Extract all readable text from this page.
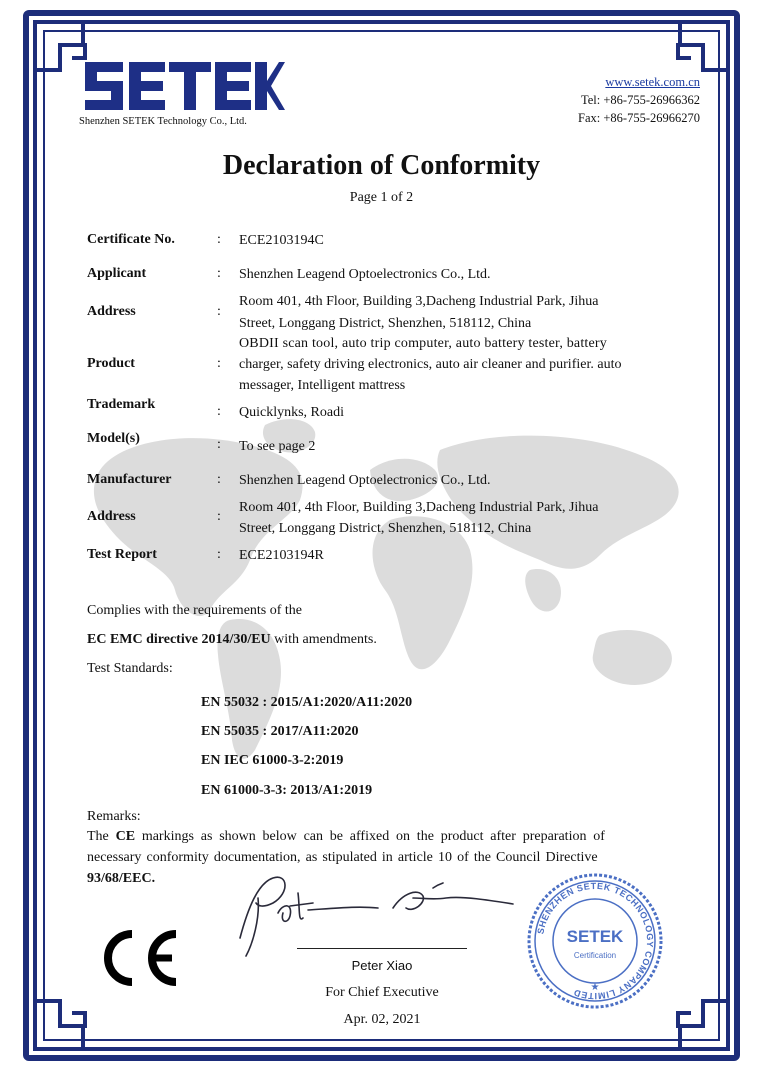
Shenzhen SETEK Technology Co., Ltd.
www.setek.com.cn
Tel: +86-755-26966362
Fax: +86-755-26966270
Declaration of Conformity
Page 1 of 2
Certificate No.	: ECE2103194C
Applicant	: Shenzhen Leagend Optoelectronics Co., Ltd.
Address	:
Room 401, 4th Floor, Building 3,Dacheng Industrial Park, Jihua
Street, Longgang District, Shenzhen, 518112, China
Product	:
OBDII scan tool, auto trip computer, auto battery tester, battery
charger, safety driving electronics, auto air cleaner and purifier. auto
messager, Intelligent mattress
Trademark	: Quicklynks, Roadi
Model(s)	: To see page 2
Manufacturer	: Shenzhen Leagend Optoelectronics Co., Ltd.
Address	:
Room 401, 4th Floor, Building 3,Dacheng Industrial Park, Jihua
Street, Longgang District, Shenzhen, 518112, China
Test Report	: ECE2103194R
Complies with the requirements of the
EC EMC directive 2014/30/EU with amendments.
Test Standards:
EN 55032 : 2015/A1:2020/A11:2020
EN 55035 : 2017/A11:2020
EN IEC 61000-3-2:2019
EN 61000-3-3: 2013/A1:2019
Remarks:
The CE markings as shown below can be affixed on the product after preparation of
necessary conformity documentation, as stipulated in article 10 of the Council Directive
93/68/EEC.
Peter Xiao
For Chief Executive
Apr. 02, 2021
SHENZHEN SETEK TECHNOLOGY COMPANY LIMITED
SETEK
Certification
★
